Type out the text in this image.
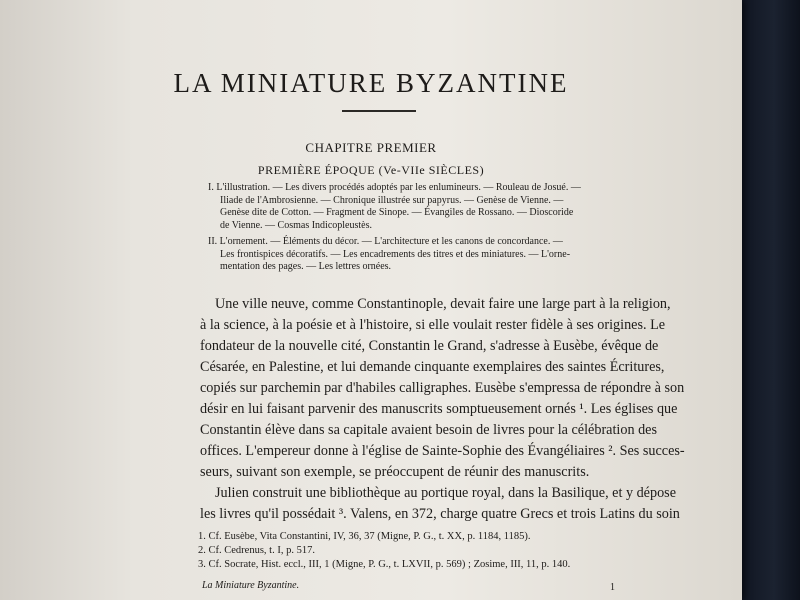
LA MINIATURE BYZANTINE
CHAPITRE PREMIER
PREMIÈRE ÉPOQUE (Ve-VIIe SIÈCLES)
I. L'illustration. — Les divers procédés adoptés par les enlumineurs. — Rouleau de Josué. —
Iliade de l'Ambrosienne. — Chronique illustrée sur papyrus. — Genèse de Vienne. —
Genèse dite de Cotton. — Fragment de Sinope. — Évangiles de Rossano. — Dioscoride
de Vienne. — Cosmas Indicopleustès.
II. L'ornement. — Éléments du décor. — L'architecture et les canons de concordance. —
Les frontispices décoratifs. — Les encadrements des titres et des miniatures. — L'orne-
mentation des pages. — Les lettres ornées.
Une ville neuve, comme Constantinople, devait faire une large part à la religion,
à la science, à la poésie et à l'histoire, si elle voulait rester fidèle à ses origines. Le
fondateur de la nouvelle cité, Constantin le Grand, s'adresse à Eusèbe, évêque de
Césarée, en Palestine, et lui demande cinquante exemplaires des saintes Écritures,
copiés sur parchemin par d'habiles calligraphes. Eusèbe s'empressa de répondre à son
désir en lui faisant parvenir des manuscrits somptueusement ornés ¹. Les églises que
Constantin élève dans sa capitale avaient besoin de livres pour la célébration des
offices. L'empereur donne à l'église de Sainte-Sophie des Évangéliaires ². Ses succes-
seurs, suivant son exemple, se préoccupent de réunir des manuscrits.
Julien construit une bibliothèque au portique royal, dans la Basilique, et y dépose
les livres qu'il possédait ³. Valens, en 372, charge quatre Grecs et trois Latins du soin
1. Cf. Eusèbe, Vita Constantini, IV, 36, 37 (Migne, P. G., t. XX, p. 1184, 1185).
2. Cf. Cedrenus, t. I, p. 517.
3. Cf. Socrate, Hist. eccl., III, 1 (Migne, P. G., t. LXVII, p. 569) ; Zosime, III, 11, p. 140.
La Miniature Byzantine.	1
